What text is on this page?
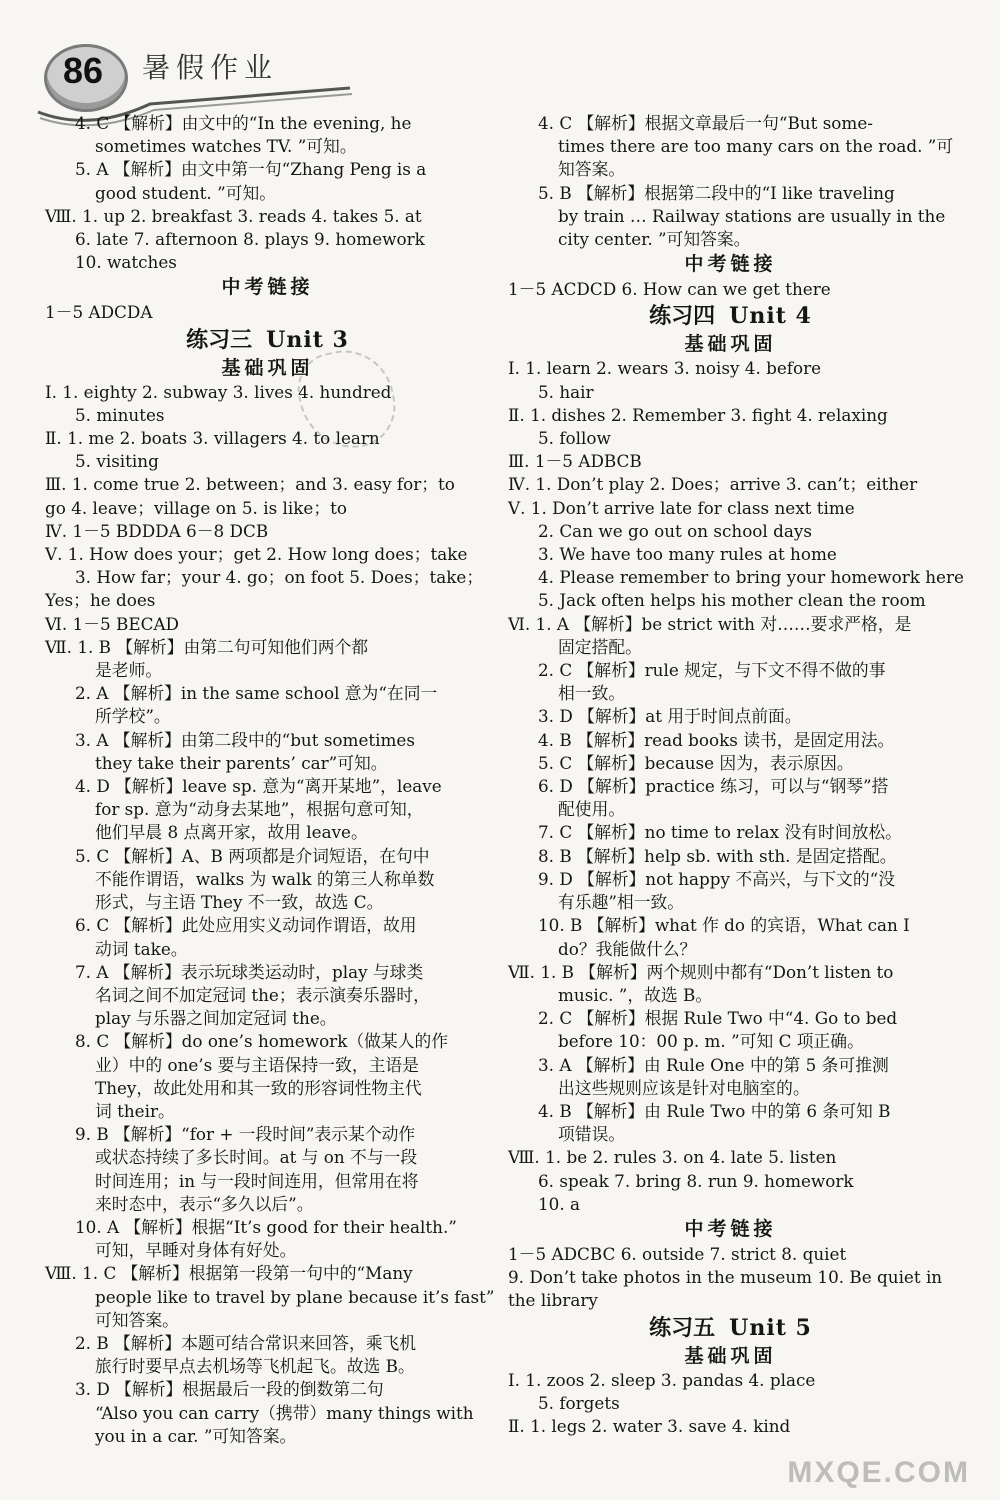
86	暑假作业
4. C 【解析】由文中的“In the evening, he
sometimes watches TV. ”可知。
5. A 【解析】由文中第一句“Zhang Peng is a
good student. ”可知。
Ⅷ. 1. up 2. breakfast 3. reads 4. takes 5. at
6. late 7. afternoon 8. plays 9. homework
10. watches
中考链接
1－5 ADCDA
练习三 Unit 3
基础巩固
Ⅰ. 1. eighty 2. subway 3. lives 4. hundred
5. minutes
Ⅱ. 1. me 2. boats 3. villagers 4. to learn
5. visiting
Ⅲ. 1. come true 2. between；and 3. easy for；to
go 4. leave；village on 5. is like；to
Ⅳ. 1－5 BDDDA 6－8 DCB
Ⅴ. 1. How does your；get 2. How long does；take
3. How far；your 4. go；on foot 5. Does；take；
Yes；he does
Ⅵ. 1－5 BECAD
Ⅶ. 1. B 【解析】由第二句可知他们两个都
是老师。
2. A 【解析】in the same school 意为“在同一
所学校”。
3. A 【解析】由第二段中的“but sometimes
they take their parents’ car”可知。
4. D 【解析】leave sp. 意为“离开某地”，leave
for sp. 意为“动身去某地”，根据句意可知，
他们早晨 8 点离开家，故用 leave。
5. C 【解析】A、B 两项都是介词短语，在句中
不能作谓语，walks 为 walk 的第三人称单数
形式，与主语 They 不一致，故选 C。
6. C 【解析】此处应用实义动词作谓语，故用
动词 take。
7. A 【解析】表示玩球类运动时，play 与球类
名词之间不加定冠词 the；表示演奏乐器时，
play 与乐器之间加定冠词 the。
8. C 【解析】do one’s homework（做某人的作
业）中的 one’s 要与主语保持一致，主语是
They，故此处用和其一致的形容词性物主代
词 their。
9. B 【解析】“for + 一段时间”表示某个动作
或状态持续了多长时间。at 与 on 不与一段
时间连用；in 与一段时间连用，但常用在将
来时态中，表示“多久以后”。
10. A 【解析】根据“It’s good for their health.”
可知，早睡对身体有好处。
Ⅷ. 1. C 【解析】根据第一段第一句中的“Many
people like to travel by plane because it’s fast”
可知答案。
2. B 【解析】本题可结合常识来回答，乘飞机
旅行时要早点去机场等飞机起飞。故选 B。
3. D 【解析】根据最后一段的倒数第二句
“Also you can carry（携带）many things with
you in a car. ”可知答案。
4. C 【解析】根据文章最后一句“But some-
times there are too many cars on the road. ”可
知答案。
5. B 【解析】根据第二段中的“I like traveling
by train … Railway stations are usually in the
city center. ”可知答案。
中考链接
1－5 ACDCD 6. How can we get there
练习四 Unit 4
基础巩固
Ⅰ. 1. learn 2. wears 3. noisy 4. before
5. hair
Ⅱ. 1. dishes 2. Remember 3. fight 4. relaxing
5. follow
Ⅲ. 1－5 ADBCB
Ⅳ. 1. Don’t play 2. Does；arrive 3. can’t；either
Ⅴ. 1. Don’t arrive late for class next time
2. Can we go out on school days
3. We have too many rules at home
4. Please remember to bring your homework here
5. Jack often helps his mother clean the room
Ⅵ. 1. A 【解析】be strict with 对……要求严格，是
固定搭配。
2. C 【解析】rule 规定，与下文不得不做的事
相一致。
3. D 【解析】at 用于时间点前面。
4. B 【解析】read books 读书，是固定用法。
5. C 【解析】because 因为，表示原因。
6. D 【解析】practice 练习，可以与“钢琴”搭
配使用。
7. C 【解析】no time to relax 没有时间放松。
8. B 【解析】help sb. with sth. 是固定搭配。
9. D 【解析】not happy 不高兴，与下文的“没
有乐趣”相一致。
10. B 【解析】what 作 do 的宾语，What can I
do？我能做什么？
Ⅶ. 1. B 【解析】两个规则中都有“Don’t listen to
music. ”，故选 B。
2. C 【解析】根据 Rule Two 中“4. Go to bed
before 10：00 p. m. ”可知 C 项正确。
3. A 【解析】由 Rule One 中的第 5 条可推测
出这些规则应该是针对电脑室的。
4. B 【解析】由 Rule Two 中的第 6 条可知 B
项错误。
Ⅷ. 1. be 2. rules 3. on 4. late 5. listen
6. speak 7. bring 8. run 9. homework
10. a
中考链接
1－5 ADCBC 6. outside 7. strict 8. quiet
9. Don’t take photos in the museum 10. Be quiet in
the library
练习五 Unit 5
基础巩固
Ⅰ. 1. zoos 2. sleep 3. pandas 4. place
5. forgets
Ⅱ. 1. legs 2. water 3. save 4. kind
MXQE.COM
